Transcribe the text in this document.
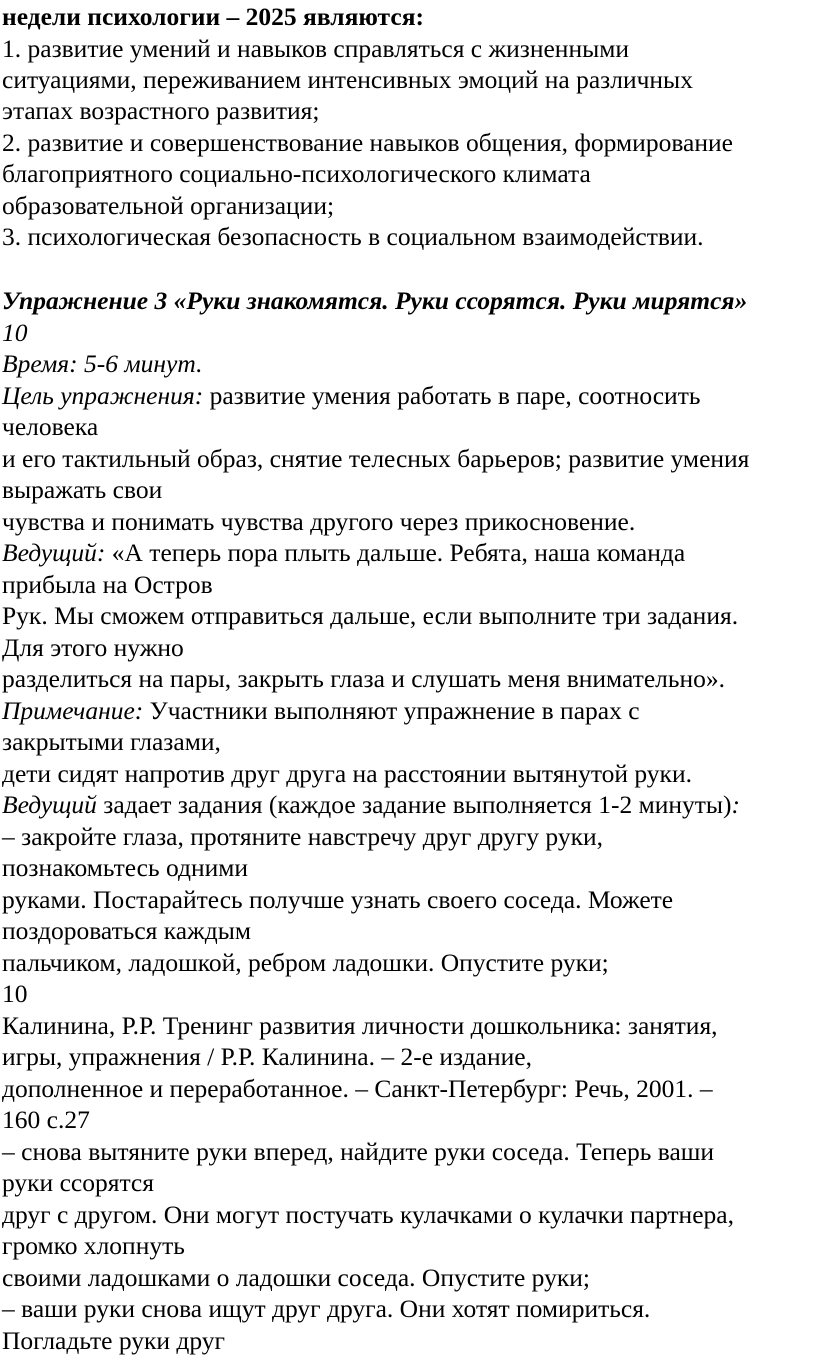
недели психологии – 2025 являются:
1. развитие умений и навыков справляться с жизненными
ситуациями, переживанием интенсивных эмоций на различных
этапах возрастного развития;
2. развитие и совершенствование навыков общения, формирование
благоприятного социально-психологического климата
образовательной организации;
3. психологическая безопасность в социальном взаимодействии.
Упражнение 3 «Руки знакомятся. Руки ссорятся. Руки мирятся»
10
Время: 5-6 минут.
Цель упражнения: развитие умения работать в паре, соотносить
человека
и его тактильный образ, снятие телесных барьеров; развитие умения
выражать свои
чувства и понимать чувства другого через прикосновение.
Ведущий: «А теперь пора плыть дальше. Ребята, наша команда
прибыла на Остров
Рук. Мы сможем отправиться дальше, если выполните три задания.
Для этого нужно
разделиться на пары, закрыть глаза и слушать меня внимательно».
Примечание: Участники выполняют упражнение в парах с
закрытыми глазами,
дети сидят напротив друг друга на расстоянии вытянутой руки.
Ведущий задает задания (каждое задание выполняется 1-2 минуты):
– закройте глаза, протяните навстречу друг другу руки,
познакомьтесь одними
руками. Постарайтесь получше узнать своего соседа. Можете
поздороваться каждым
пальчиком, ладошкой, ребром ладошки. Опустите руки;
10
Калинина, Р.Р. Тренинг развития личности дошкольника: занятия,
игры, упражнения / Р.Р. Калинина. – 2-е издание,
дополненное и переработанное. – Санкт-Петербург: Речь, 2001. –
160 с.27
– снова вытяните руки вперед, найдите руки соседа. Теперь ваши
руки ссорятся
друг с другом. Они могут постучать кулачками о кулачки партнера,
громко хлопнуть
своими ладошками о ладошки соседа. Опустите руки;
– ваши руки снова ищут друг друга. Они хотят помириться.
Погладьте руки друг
